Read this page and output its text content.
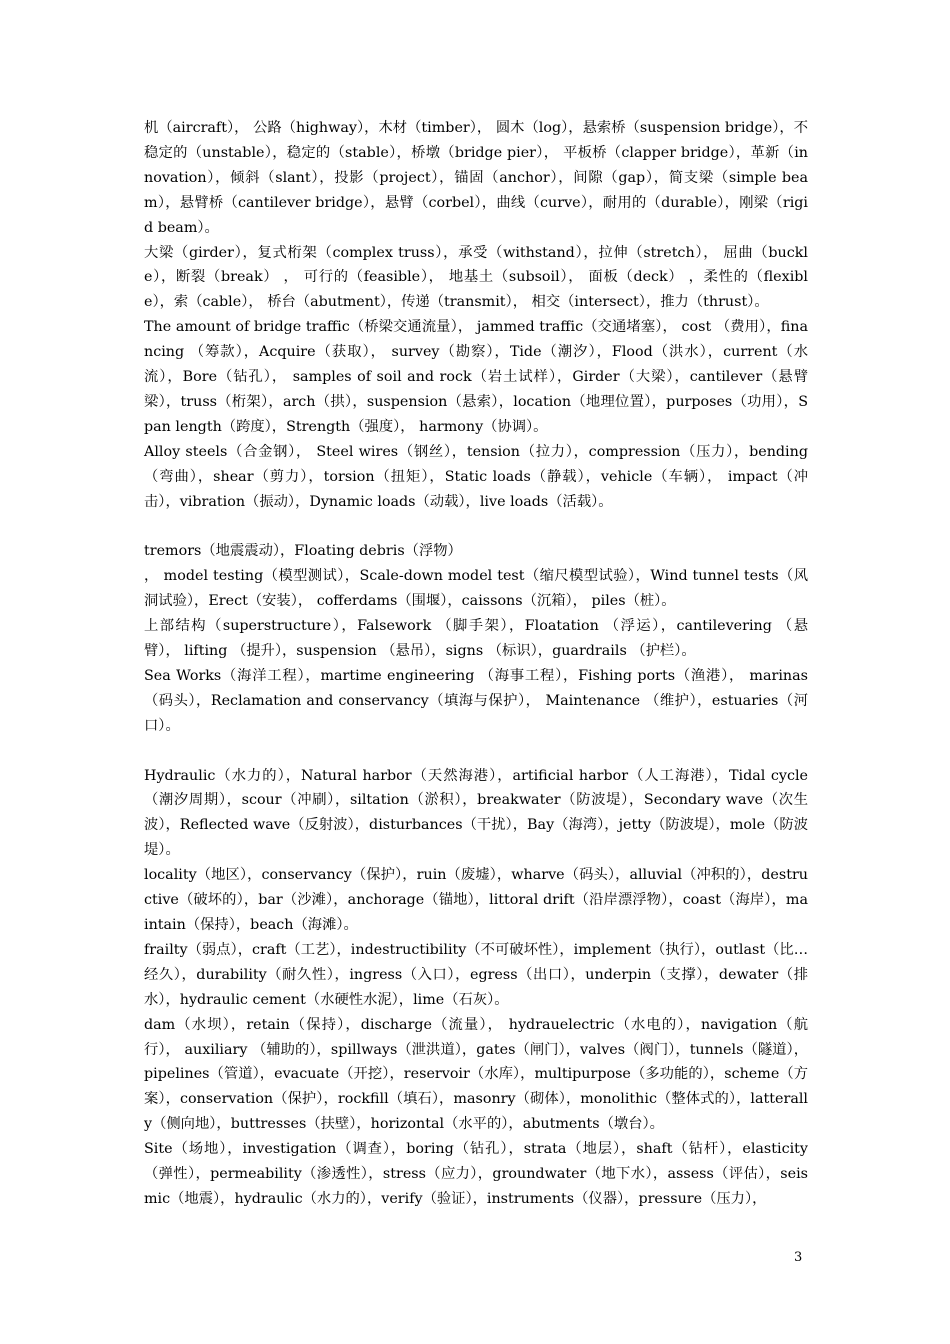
机（aircraft）， 公路（highway），木材（timber）， 圆木（log），悬索桥（suspension bridge），不稳定的（unstable），稳定的（stable），桥墩（bridge pier）， 平板桥（clapper bridge），革新（innovation），倾斜（slant），投影（project），锚固（anchor），间隙（gap），简支梁（simple beam），悬臂桥（cantilever bridge），悬臂（corbel），曲线（curve），耐用的（durable），刚梁（rigid beam）。

大梁（girder），复式桁架（complex truss），承受（withstand），拉伸（stretch）， 屈曲（buckle），断裂（break） ， 可行的（feasible）， 地基土（subsoil）， 面板（deck） ，柔性的（flexible），索（cable）， 桥台（abutment），传递（transmit）， 相交（intersect），推力（thrust）。

The amount of bridge traffic（桥梁交通流量）， jammed traffic（交通堵塞）， cost （费用），financing （筹款），Acquire（获取）， survey（勘察），Tide（潮汐），Flood（洪水），current（水流），Bore（钻孔）， samples of soil and rock（岩土试样），Girder（大梁），cantilever（悬臂梁），truss（桁架），arch（拱），suspension（悬索），location（地理位置），purposes（功用），Span length（跨度），Strength（强度）， harmony（协调）。

Alloy steels（合金钢）， Steel wires（钢丝），tension（拉力），compression（压力），bending（弯曲），shear（剪力），torsion（扭矩），Static loads（静载），vehicle（车辆）， impact（冲击），vibration（振动），Dynamic loads（动载），live loads（活载）。

tremors（地震震动），Floating debris（浮物）

， model testing（模型测试），Scale-down model test（缩尺模型试验），Wind tunnel tests（风洞试验），Erect（安装）， cofferdams（围堰），caissons（沉箱）， piles（桩）。

上部结构（superstructure），Falsework （脚手架），Floatation （浮运），cantilevering （悬臂）， lifting （提升），suspension （悬吊），signs （标识），guardrails （护栏）。

Sea Works（海洋工程），martime engineering （海事工程），Fishing ports（渔港）， marinas（码头），Reclamation and conservancy（填海与保护）， Maintenance （维护），estuaries（河口）。

Hydraulic（水力的），Natural harbor（天然海港），artificial harbor（人工海港），Tidal cycle（潮汐周期），scour（冲刷），siltation（淤积），breakwater（防波堤），Secondary wave（次生波），Reflected wave（反射波），disturbances（干扰），Bay（海湾），jetty（防波堤），mole（防波堤）。

locality（地区），conservancy（保护），ruin（废墟），wharve（码头），alluvial（冲积的），destructive（破坏的），bar（沙滩），anchorage（锚地），littoral drift（沿岸漂浮物），coast（海岸），maintain（保持），beach（海滩）。

frailty（弱点），craft（工艺），indestructibility（不可破坏性），implement（执行），outlast（比…经久），durability（耐久性），ingress（入口），egress（出口），underpin（支撑），dewater（排水），hydraulic cement（水硬性水泥），lime（石灰）。

dam（水坝），retain（保持），discharge（流量）， hydrauelectric（水电的），navigation（航行）， auxiliary （辅助的），spillways（泄洪道），gates（闸门），valves（阀门），tunnels（隧道），pipelines（管道），evacuate（开挖），reservoir（水库），multipurpose（多功能的），scheme（方案），conservation（保护），rockfill（填石），masonry（砌体），monolithic（整体式的），latterally（侧向地），buttresses（扶壁），horizontal（水平的），abutments（墩台）。

Site（场地），investigation（调查），boring（钻孔），strata（地层），shaft（钻杆），elasticity（弹性），permeability（渗透性），stress（应力），groundwater（地下水），assess（评估），seismic（地震），hydraulic（水力的），verify（验证），instruments（仪器），pressure（压力），

3
